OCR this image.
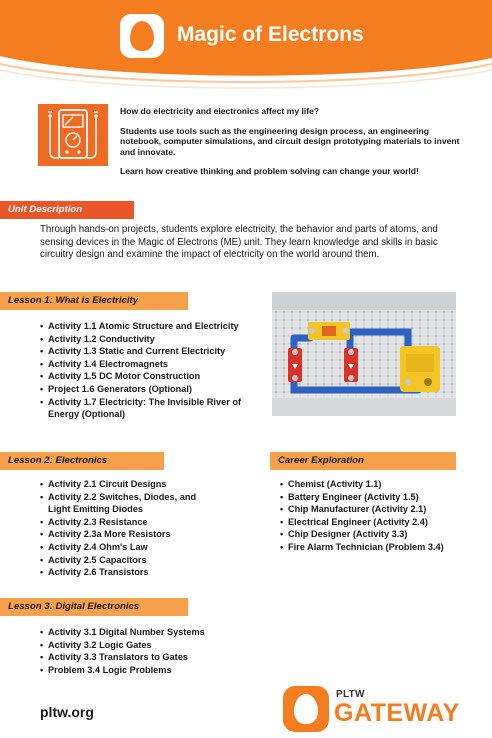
Magic of Electrons

How do electricity and electronics affect my life?

Students use tools such as the engineering design process, an engineering notebook, computer simulations, and circuit design prototyping materials to invent and innovate.

Learn how creative thinking and problem solving can change your world!

Unit Description
Through hands-on projects, students explore electricity, the behavior and parts of atoms, and sensing devices in the Magic of Electrons (ME) unit. They learn knowledge and skills in basic circuitry design and examine the impact of electricity on the world around them.
Lesson 1: What is Electricity
• Activity 1.1 Atomic Structure and Electricity
• Activity 1.2 Conductivity
• Activity 1.3 Static and Current Electricity
• Activity 1.4 Electromagnets
• Activity 1.5 DC Motor Construction
• Project 1.6 Generators (Optional)
• Activity 1.7 Electricity: The Invisible River of Energy (Optional)
Lesson 2: Electronics
• Activity 2.1 Circuit Designs
• Activity 2.2 Switches, Diodes, and Light Emitting Diodes
• Activity 2.3 Resistance
• Activity 2.3a More Resistors
• Activity 2.4 Ohm's Law
• Activity 2.5 Capacitors
• Activity 2.6 Transistors
Career Exploration
• Chemist (Activity 1.1)
• Battery Engineer (Activity 1.5)
• Chip Manufacturer (Activity 2.1)
• Electrical Engineer (Activity 2.4)
• Chip Designer (Activity 3.3)
• Fire Alarm Technician (Problem 3.4)
Lesson 3: Digital Electronics
• Activity 3.1 Digital Number Systems
• Activity 3.2 Logic Gates
• Activity 3.3 Translators to Gates
• Problem 3.4 Logic Problems
pltw.org
PLTW
GATEWAY
